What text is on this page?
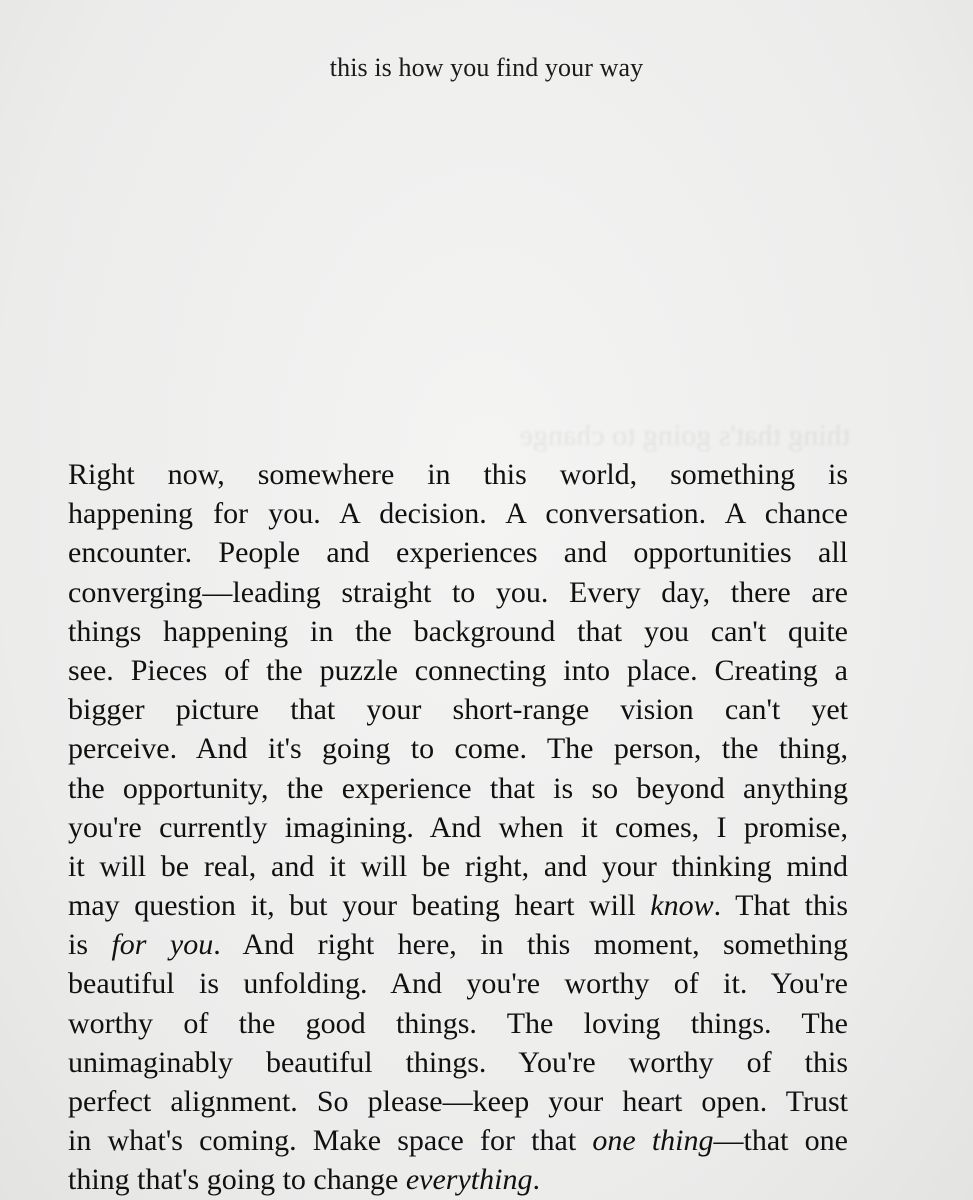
this is how you find your way
thing that's going to change
Right now, somewhere in this world, something is
happening for you. A decision. A conversation. A chance
encounter. People and experiences and opportunities all
converging—leading straight to you. Every day, there are
things happening in the background that you can't quite
see. Pieces of the puzzle connecting into place. Creating a
bigger picture that your short-range vision can't yet
perceive. And it's going to come. The person, the thing,
the opportunity, the experience that is so beyond anything
you're currently imagining. And when it comes, I promise,
it will be real, and it will be right, and your thinking mind
may question it, but your beating heart will know. That this
is for you. And right here, in this moment, something
beautiful is unfolding. And you're worthy of it. You're
worthy of the good things. The loving things. The
unimaginably beautiful things. You're worthy of this
perfect alignment. So please—keep your heart open. Trust
in what's coming. Make space for that one thing—that one
thing that's going to change everything.
